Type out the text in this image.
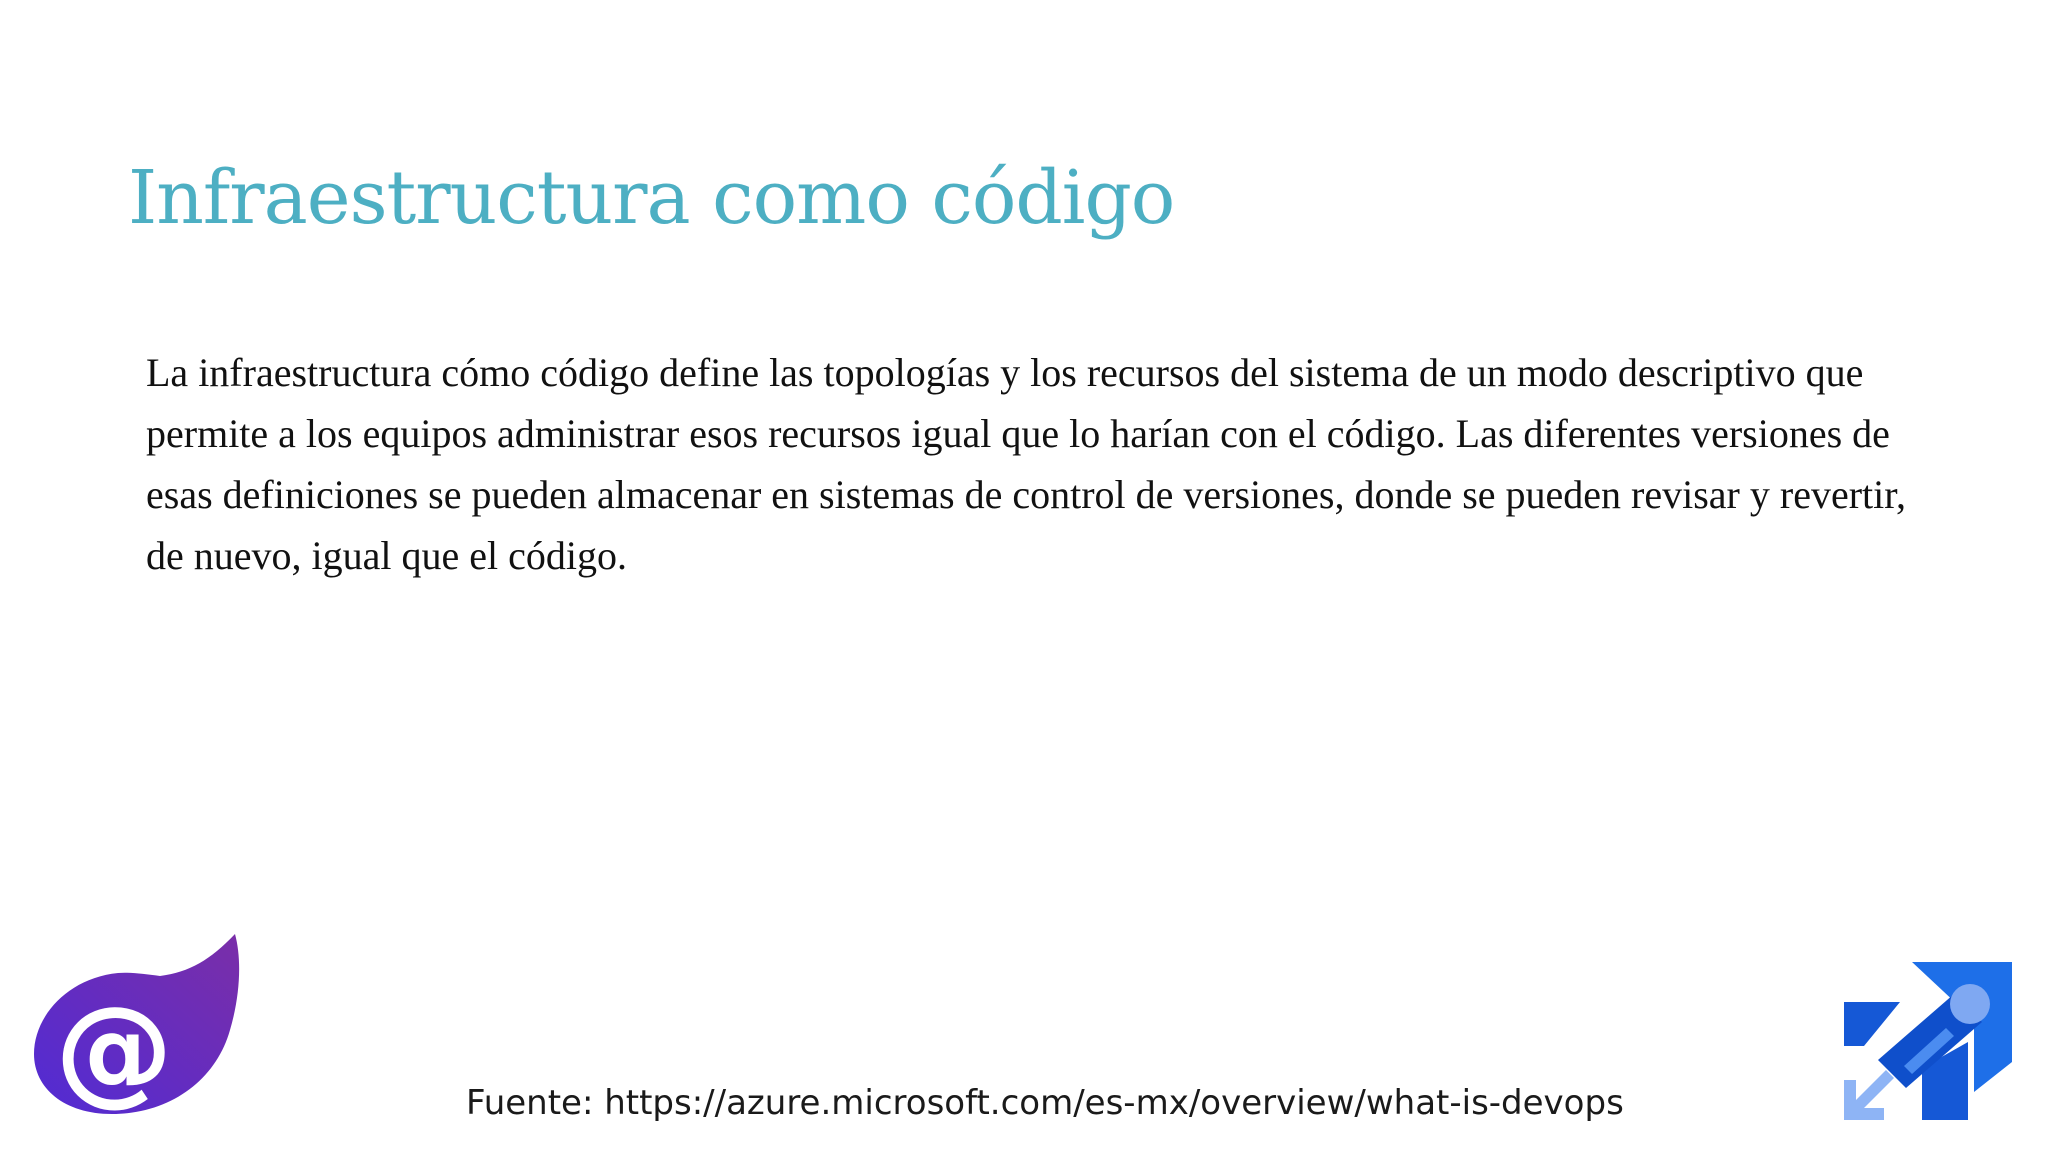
Infraestructura como código

La infraestructura cómo código define las topologías y los recursos del sistema de un modo descriptivo que permite a los equipos administrar esos recursos igual que lo harían con el código. Las diferentes versiones de esas definiciones se pueden almacenar en sistemas de control de versiones, donde se pueden revisar y revertir, de nuevo, igual que el código.

Fuente: https://azure.microsoft.com/es-mx/overview/what-is-devops

@
